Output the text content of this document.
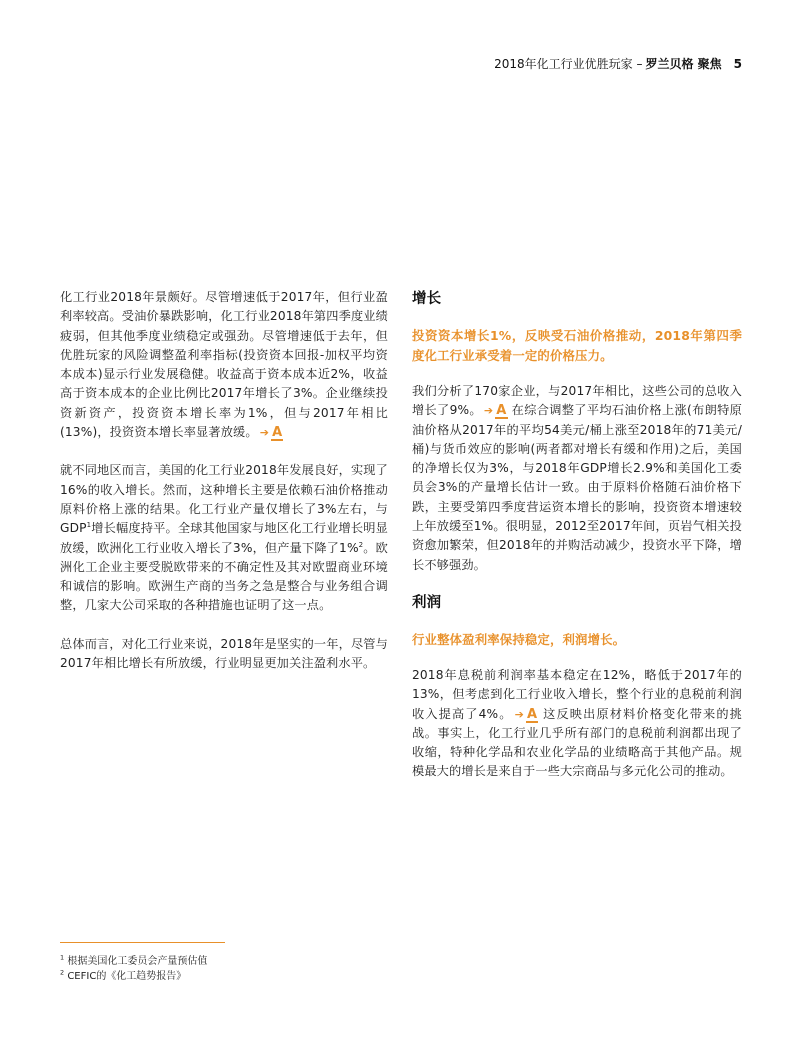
2018年化工行业优胜玩家 – 罗兰贝格 聚焦 5

化工行业2018年景颇好。尽管增速低于2017年，但行业盈利率较高。受油价暴跌影响，化工行业2018年第四季度业绩疲弱，但其他季度业绩稳定或强劲。尽管增速低于去年，但优胜玩家的风险调整盈利率指标(投资资本回报-加权平均资本成本)显示行业发展稳健。收益高于资本成本近2%，收益高于资本成本的企业比例比2017年增长了3%。企业继续投资新资产，投资资本增长率为1%，但与2017年相比(13%)，投资资本增长率显著放缓。 ➔ A

就不同地区而言，美国的化工行业2018年发展良好，实现了16%的收入增长。然而，这种增长主要是依赖石油价格推动原料价格上涨的结果。化工行业产量仅增长了3%左右，与GDP$^1$增长幅度持平。全球其他国家与地区化工行业增长明显放缓，欧洲化工行业收入增长了3%，但产量下降了1%$^2$。欧洲化工企业主要受脱欧带来的不确定性及其对欧盟商业环境和诚信的影响。欧洲生产商的当务之急是整合与业务组合调整，几家大公司采取的各种措施也证明了这一点。

总体而言，对化工行业来说，2018年是坚实的一年，尽管与2017年相比增长有所放缓，行业明显更加关注盈利水平。

增长

投资资本增长1%，反映受石油价格推动，2018年第四季度化工行业承受着一定的价格压力。

我们分析了170家企业，与2017年相比，这些公司的总收入增长了9%。 ➔ A 在综合调整了平均石油价格上涨(布朗特原油价格从2017年的平均54美元/桶上涨至2018年的71美元/桶)与货币效应的影响(两者都对增长有缓和作用)之后，美国的净增长仅为3%，与2018年GDP增长2.9%和美国化工委员会3%的产量增长估计一致。由于原料价格随石油价格下跌，主要受第四季度营运资本增长的影响，投资资本增速较上年放缓至1%。很明显，2012至2017年间，页岩气相关投资愈加繁荣，但2018年的并购活动减少，投资水平下降，增长不够强劲。

利润

行业整体盈利率保持稳定，利润增长。

2018年息税前利润率基本稳定在12%，略低于2017年的13%，但考虑到化工行业收入增长，整个行业的息税前利润收入提高了4%。 ➔ A 这反映出原材料价格变化带来的挑战。事实上，化工行业几乎所有部门的息税前利润都出现了收缩，特种化学品和农业化学品的业绩略高于其他产品。规模最大的增长是来自于一些大宗商品与多元化公司的推动。

$^1$ 根据美国化工委员会产量预估值
$^2$ CEFIC的《化工趋势报告》
